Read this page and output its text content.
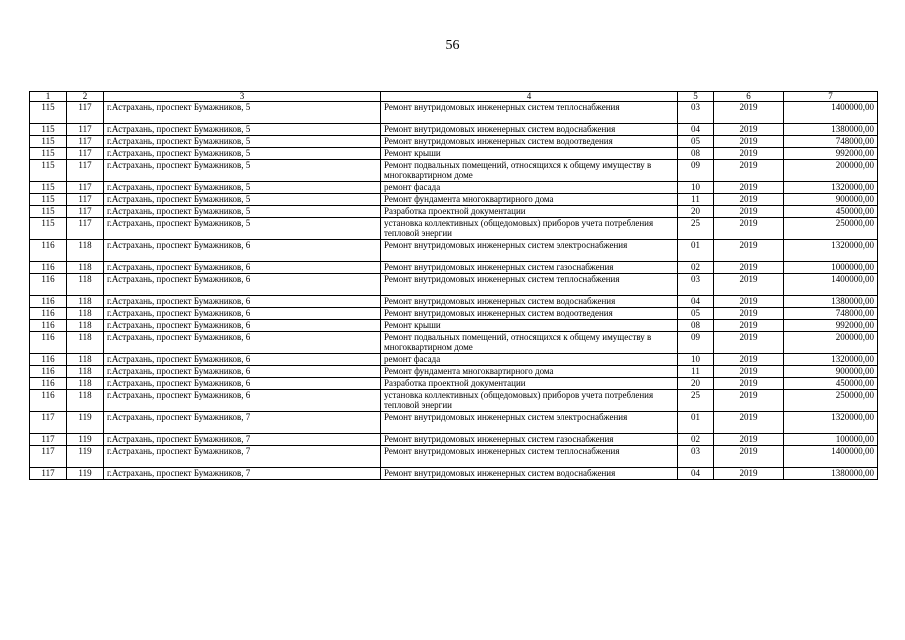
56
1	2	3	4	5	6	7
115	117	г.Астрахань, проспект Бумажников, 5	Ремонт внутридомовых инженерных систем теплоснабжения	03	2019	1400000,00
115	117	г.Астрахань, проспект Бумажников, 5	Ремонт внутридомовых инженерных систем водоснабжения	04	2019	1380000,00
115	117	г.Астрахань, проспект Бумажников, 5	Ремонт внутридомовых инженерных систем водоотведения	05	2019	748000,00
115	117	г.Астрахань, проспект Бумажников, 5	Ремонт крыши	08	2019	992000,00
115	117	г.Астрахань, проспект Бумажников, 5	Ремонт подвальных помещений, относящихся к общему имуществу в многоквартирном доме	09	2019	200000,00
115	117	г.Астрахань, проспект Бумажников, 5	ремонт фасада	10	2019	1320000,00
115	117	г.Астрахань, проспект Бумажников, 5	Ремонт фундамента многоквартирного дома	11	2019	900000,00
115	117	г.Астрахань, проспект Бумажников, 5	Разработка проектной документации	20	2019	450000,00
115	117	г.Астрахань, проспект Бумажников, 5	установка коллективных (общедомовых) приборов учета потребления тепловой энергии	25	2019	250000,00
116	118	г.Астрахань, проспект Бумажников, 6	Ремонт внутридомовых инженерных систем электроснабжения	01	2019	1320000,00
116	118	г.Астрахань, проспект Бумажников, 6	Ремонт внутридомовых инженерных систем газоснабжения	02	2019	1000000,00
116	118	г.Астрахань, проспект Бумажников, 6	Ремонт внутридомовых инженерных систем теплоснабжения	03	2019	1400000,00
116	118	г.Астрахань, проспект Бумажников, 6	Ремонт внутридомовых инженерных систем водоснабжения	04	2019	1380000,00
116	118	г.Астрахань, проспект Бумажников, 6	Ремонт внутридомовых инженерных систем водоотведения	05	2019	748000,00
116	118	г.Астрахань, проспект Бумажников, 6	Ремонт крыши	08	2019	992000,00
116	118	г.Астрахань, проспект Бумажников, 6	Ремонт подвальных помещений, относящихся к общему имуществу в многоквартирном доме	09	2019	200000,00
116	118	г.Астрахань, проспект Бумажников, 6	ремонт фасада	10	2019	1320000,00
116	118	г.Астрахань, проспект Бумажников, 6	Ремонт фундамента многоквартирного дома	11	2019	900000,00
116	118	г.Астрахань, проспект Бумажников, 6	Разработка проектной документации	20	2019	450000,00
116	118	г.Астрахань, проспект Бумажников, 6	установка коллективных (общедомовых) приборов учета потребления тепловой энергии	25	2019	250000,00
117	119	г.Астрахань, проспект Бумажников, 7	Ремонт внутридомовых инженерных систем электроснабжения	01	2019	1320000,00
117	119	г.Астрахань, проспект Бумажников, 7	Ремонт внутридомовых инженерных систем газоснабжения	02	2019	100000,00
117	119	г.Астрахань, проспект Бумажников, 7	Ремонт внутридомовых инженерных систем теплоснабжения	03	2019	1400000,00
117	119	г.Астрахань, проспект Бумажников, 7	Ремонт внутридомовых инженерных систем водоснабжения	04	2019	1380000,00
